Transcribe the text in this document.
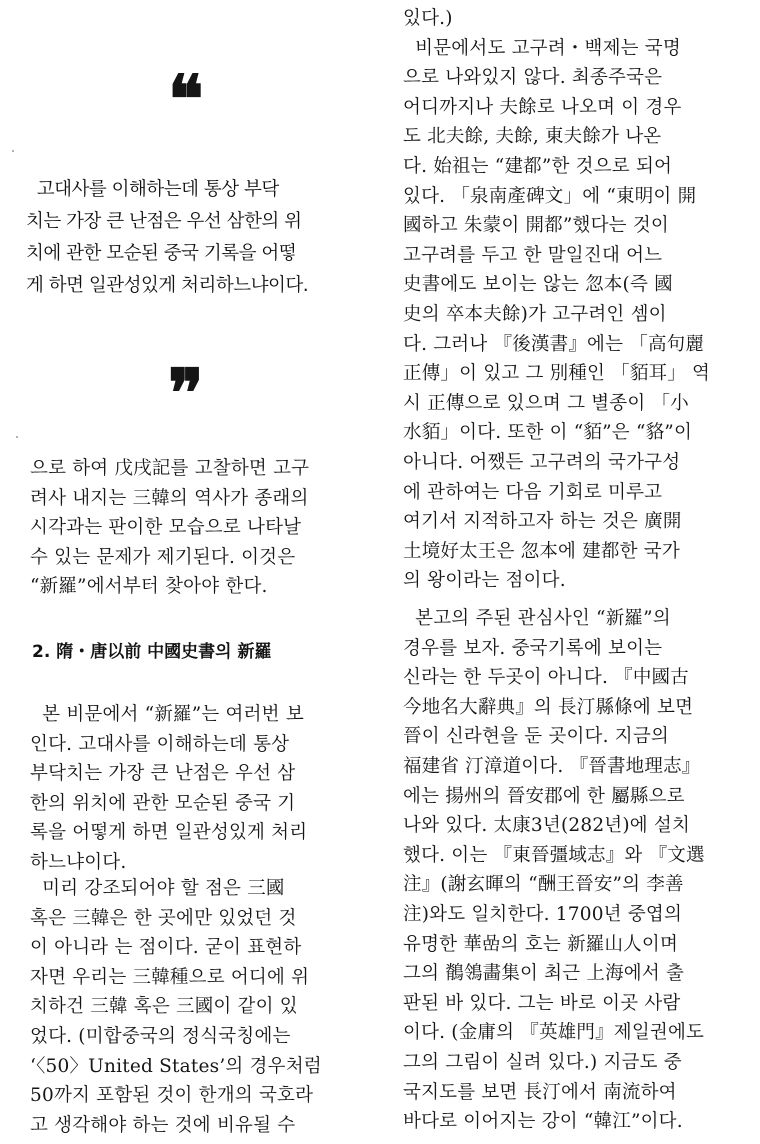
❝
고대사를 이해하는데 통상 부닥
치는 가장 큰 난점은 우선 삼한의 위
치에 관한 모순된 중국 기록을 어떻
게 하면 일관성있게 처리하느냐이다.
❞

으로 하여 戊戌記를 고찰하면 고구
려사 내지는 三韓의 역사가 종래의
시각과는 판이한 모습으로 나타날
수 있는 문제가 제기된다. 이것은
“新羅”에서부터 찾아야 한다.

2. 隋・唐以前 中國史書의 新羅

본 비문에서 “新羅”는 여러번 보
인다. 고대사를 이해하는데 통상
부닥치는 가장 큰 난점은 우선 삼
한의 위치에 관한 모순된 중국 기
록을 어떻게 하면 일관성있게 처리
하느냐이다.

미리 강조되어야 할 점은 三國
혹은 三韓은 한 곳에만 있었던 것
이 아니라 는 점이다. 굳이 표현하
자면 우리는 三韓種으로 어디에 위
치하건 三韓 혹은 三國이 같이 있
었다. (미합중국의 정식국칭에는
‘〈50〉United States’의 경우처럼
50까지 포함된 것이 한개의 국호라
고 생각해야 하는 것에 비유될 수

있다.)
비문에서도 고구려・백제는 국명
으로 나와있지 않다. 최종주국은
어디까지나 夫餘로 나오며 이 경우
도 北夫餘, 夫餘, 東夫餘가 나온
다. 始祖는 “建都”한 것으로 되어
있다. 「泉南產碑文」에 “東明이 開
國하고 朱蒙이 開都”했다는 것이
고구려를 두고 한 말일진대 어느
史書에도 보이는 않는 忽本(즉 國
史의 卒本夫餘)가 고구려인 셈이
다. 그러나 『後漢書』에는 「高句麗
正傳」이 있고 그 別種인 「貊耳」 역
시 正傳으로 있으며 그 별종이 「小
水貊」이다. 또한 이 “貊”은 “貉”이
아니다. 어쨌든 고구려의 국가구성
에 관하여는 다음 기회로 미루고
여기서 지적하고자 하는 것은 廣開
土境好太王은 忽本에 建都한 국가
의 왕이라는 점이다.

본고의 주된 관심사인 “新羅”의
경우를 보자. 중국기록에 보이는
신라는 한 두곳이 아니다. 『中國古
今地名大辭典』의 長汀縣條에 보면
晉이 신라현을 둔 곳이다. 지금의
福建省 汀漳道이다. 『晉書地理志』
에는 揚州의 晉安郡에 한 屬縣으로
나와 있다. 太康3년(282년)에 설치
했다. 이는 『東晉彊域志』와 『文選
注』(謝玄暉의 “酬王晉安”의 李善
注)와도 일치한다. 1700년 중엽의
유명한 華嵒의 호는 新羅山人이며
그의 鶺鴒畵集이 최근 上海에서 출
판된 바 있다. 그는 바로 이곳 사람
이다. (金庸의 『英雄門』제일권에도
그의 그림이 실려 있다.) 지금도 중
국지도를 보면 長汀에서 南流하여
바다로 이어지는 강이 “韓江”이다.
